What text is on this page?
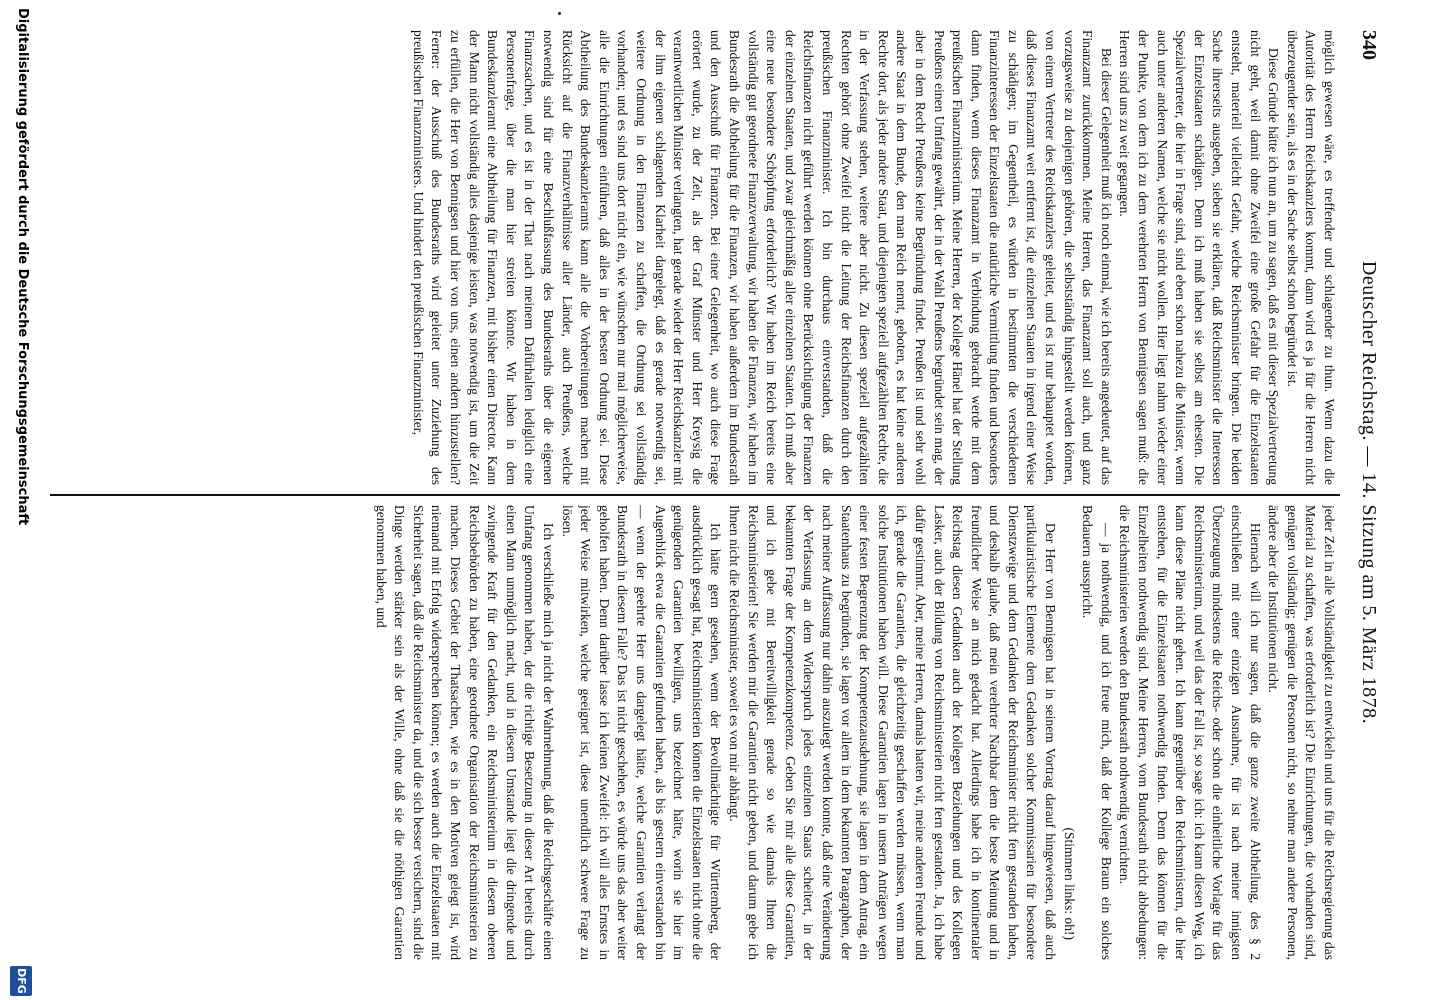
340
Deutscher Reichstag. — 14. Sitzung am 5. März 1878.

möglich gewesen wäre, es treffender und schlagender zu thun. Wenn dazu die Autorität des Herrn Reichskanzlers kommt, dann wird es ja für die Herren nicht überzeugender sein, als es in der Sache selbst schon begründet ist.

Diese Gründe hätte ich nun an, um zu sagen, daß es mit dieser Spezialvertretung nicht geht, weil damit ohne Zweifel eine große Gefahr für die Einzelstaaten entsteht, materiell vielleicht Gefahr, welche Reichsminister bringen. Die beiden Sache ihrerseits ausgeben, sieben sie erklären, daß Reichsminister die Interessen der Einzelstaaten schädigen. Denn ich muß haben sie selbst am ehesten. Die Spezialvertreter, die hier in Frage sind, sind eben schon nahezu die Minister, wenn auch unter anderen Namen, welche sie nicht wollen. Hier liegt nahm wieder einer der Punkte, von dem ich zu dem verehrten Herrn von Bennigsen sagen muß: die Herren sind uns zu weit gegangen.

Bei dieser Gelegenheit muß ich noch einmal, wie ich bereits angedeutet, auf das Finanzamt zurückkommen. Meine Herren, das Finanzamt soll auch, und ganz vorzugsweise zu denjenigen gehören, die selbstständig hingestellt werden können, von einem Vertreter des Reichskanzlers geleitet, und es ist nur behauptet worden, daß dieses Finanzamt weit entfernt ist, die einzelnen Staaten in irgend einer Weise zu schädigen; im Gegentheil, es würden in bestimmten die verschiedenen Finanzinteressen der Einzelstaaten die natürliche Vermittlung finden und besonders dann finden, wenn dieses Finanzamt in Verbindung gebracht werde mit dem preußischen Finanzministerium. Meine Herren, der Kollege Hänel hat der Stellung Preußens einen Umfang gewährt, der in der Wahl Preußens begründet sein mag, der aber in dem Recht Preußens keine Begründung findet. Preußen ist und sehr wohl andere Staat in dem Bunde, den man Reich nennt, geboten, es hat keine anderen Rechte dort, als jeder andere Staat, und diejenigen speziell aufgezählten Rechte, die in der Verfassung stehen, weitere aber nicht. Zu diesen speziell aufgezählten Rechten gehört ohne Zweifel nicht die Leitung der Reichsfinanzen durch den preußischen Finanzminister. Ich bin durchaus einverstanden, daß die Reichsfinanzen nicht geführt werden können ohne Berücksichtigung der Finanzen der einzelnen Staaten, und zwar gleichmäßig aller einzelnen Staaten. Ich muß aber eine neue besondere Schöpfung erforderlich? Wir haben im Reich bereits eine vollständig gut geordnete Finanzverwaltung, wir haben die Finanzen, wir haben im Bundesrath die Abtheilung für die Finanzen, wir haben außerdem im Bundesrath und den Ausschuß für Finanzen. Bei einer Gelegenheit, wo auch diese Frage erörtert wurde, zu der Zeit, als der Graf Münster und Herr Kreysig die verantwortlichen Minister verlangten, hat gerade wieder der Herr Reichskanzler mit der ihm eigenen schlagenden Klarheit dargelegt, daß es gerade notwendig sei, weitere Ordnung in den Finanzen zu schaffen, die Ordnung sei vollständig vorhanden; und es sind uns dort nicht ein, wie wünschen nur mal möglicherweise, alle die Einrichtungen einführen, daß alles in der besten Ordnung sei. Diese Abtheilung des Bundeskanzleramts kann alle die Vorbereitungen machen mit Rücksicht auf die Finanzverhältnisse aller Länder, auch Preußens, welche notwendig sind für eine Beschlußfassung des Bundesraths über die eigenen Finanzsachen, und es ist in der That nach meinem Dafürhalten lediglich eine Personenfrage, über die man hier streiten könnte. Wir haben in dem Bundeskanzleramt eine Abtheilung für Finanzen, mit bisher einen Director. Kann der Mann nicht vollständig alles dasjenige leisten, was notwendig ist, um die Zeit zu erfüllen, die Herr von Bennigsen und hier von uns, einen andern hinzustellen? Ferner: der Ausschuß des Bundesraths wird geleitet unter Zuziehung des preußischen Finanzministers. Und hindert den preußischen Finanzminister,

jeder Zeit in alle Vollständigkeit zu entwickeln und uns für die Reichsregierung das Material zu schaffen, was erforderlich ist? Die Einrichtungen, die vorhanden sind, genügen vollständig; genügen die Personen nicht, so nehme man andere Personen, ändere aber die Institutionen nicht.

Hiernach will ich nur sagen, daß die ganze zweite Abtheilung, des § 2 einschließen mit einer einzigen Ausnahme, für ist nach meiner innigsten Überzeugung mindestens die Reichs- oder schon die einheitliche Vorlage für das Reichsministerium, und weil das der Fall ist, so sage ich: ich kann diesen Weg, ich kann diese Pläne nicht gehen. Ich kann gegenüber den Reichsministern, die hier entstehen, für die Einzelstaaten nothwendig finden. Denn das können für die Einzelheiten nothwendig sind. Meine Herren, vom Bundesrath nicht abbedungen: die Reichsministerien werden den Bundesrath nothwendig vernichten.

— ja nothwendig, und ich freue mich, daß der Kollege Braun ein solches Bedauern ausspricht.

(Stimmen links: oh!)

Der Herr von Bennigsen hat in seinem Vortrag darauf hingewiesen, daß auch partikularistische Elemente dem Gedanken solcher Kommissarien für besondere Dienstzweige und dem Gedanken der Reichsminister nicht fern gestanden haben, und deshalb glaube, daß mein verehrter Nachbar dem die beste Meinung und in freundlicher Weise an mich gedacht hat. Allerdings habe ich in kontinentaler Reichstag diesen Gedanken auch der Kollegen Beziehungen und des Kollegen Lasker, auch der Bildung von Reichsministerien nicht fern gestanden. Ja, ich habe dafür gestimmt. Aber, meine Herren, damals hatten wir, meine anderen Freunde und ich, gerade die Garantien, die gleichzeitig geschaffen werden müssen, wenn man solche Institutionen haben will. Diese Garantien lagen in unsern Anträgen wegen einer festen Begrenzung der Kompetenzausdehnung, sie lagen in dem Antrag, ein Staatenhaus zu begründen, sie lagen vor allem in dem bekannten Paragraphen, der nach meiner Auffassung nur dahin auszulegt werden konnte, daß eine Veränderung der Verfassung an dem Widerspruch jedes einzelnen Staats scheitert, in der bekannten Frage der Kompetenzkompetenz. Geben Sie mir alle diese Garantien, und ich gebe mit Bereitwilligkeit gerade so wie damals Ihnen die Reichsministerien! Sie werden mir die Garantien nicht geben, und darum gebe ich Ihnen nicht die Reichsminister, soweit es von mir abhängt.

Ich hätte gern gesehen, wenn der Bevollmächtigte für Württemberg, der ausdrücklich gesagt hat, Reichsministerien können die Einzelstaaten nicht ohne die genügenden Garantien bewilligen, uns bezeichnet hätte, worin sie hier im Augenblick etwa die Garantien gefunden haben, als bis gestern einverstanden bin — wenn der geehrte Herr uns dargelegt hätte, welche Garantien verlangt der Bundesrath in diesem Falle? Das ist nicht geschehen, es würde uns das aber weiter geholfen haben. Denn darüber lasse ich keinen Zweifel: ich will alles Ernstes in jeder Weise mitwirken, welche geeignet ist, diese unendlich schwere Frage zu lösen.

Ich verschließe mich ja nicht der Wahrnehmung, daß die Reichsgeschäfte einen Umfang genommen haben, der die richtige Besetzung in dieser Art bereits durch einen Mann unmöglich macht, und in diesem Umstande liegt die dringende und zwingende Kraft für den Gedanken, ein Reichsministerium in diesem oberen Reichsbehörden zu haben, eine geordnete Organisation der Reichsministerien zu machen. Dieses Gebiet der Thatsachen, wie es in den Motiven gelegt ist, wird niemand mit Erfolg widersprechen können; es werden auch die Einzelstaaten mit Sicherheit sagen, daß die Reichsminister da, und die sich besser versichern, sind die Dinge werden stärker sein als der Wille, ohne daß sie die nöthigen Garantien genommen haben, und

Digitalisierung gefördert durch die Deutsche Forschungsgemeinschaft
DFG
